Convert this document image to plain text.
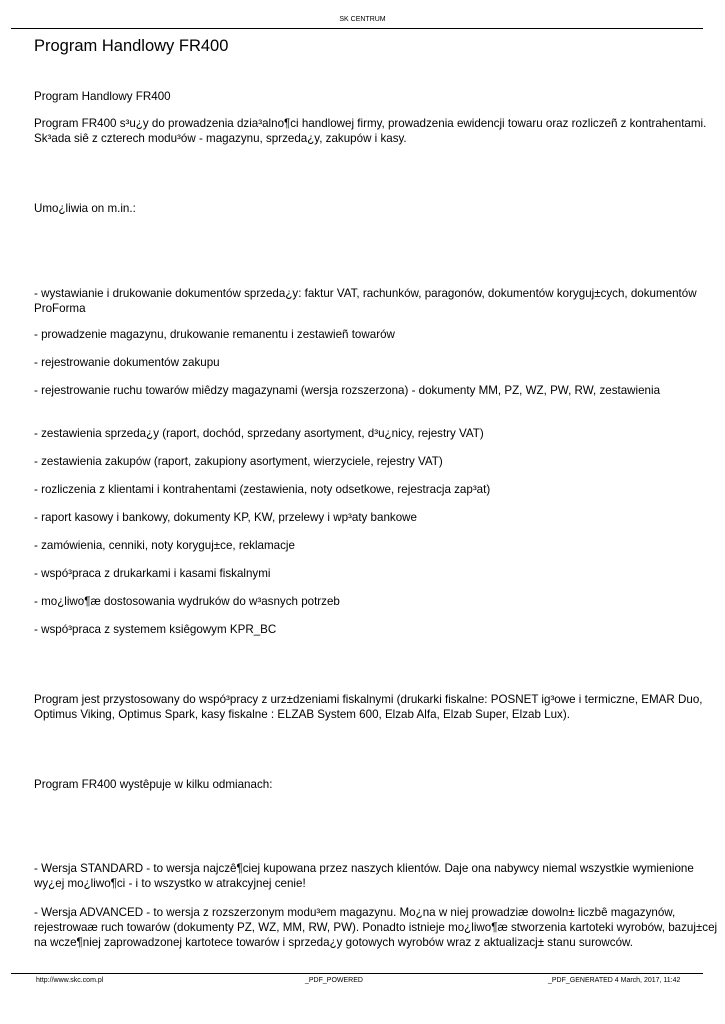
SK CENTRUM
Program Handlowy FR400

Program Handlowy FR400

Program FR400 s³u¿y do prowadzenia dzia³alno¶ci handlowej firmy, prowadzenia ewidencji towaru oraz rozliczeñ z kontrahentami. Sk³ada siê z czterech modu³ów - magazynu, sprzeda¿y, zakupów i kasy.

Umo¿liwia on m.in.:

- wystawianie i drukowanie dokumentów sprzeda¿y: faktur VAT, rachunków, paragonów, dokumentów koryguj±cych, dokumentów ProForma

- prowadzenie magazynu, drukowanie remanentu i zestawieñ towarów

- rejestrowanie dokumentów zakupu

- rejestrowanie ruchu towarów miêdzy magazynami (wersja rozszerzona) - dokumenty MM, PZ, WZ, PW, RW, zestawienia

- zestawienia sprzeda¿y (raport, dochód, sprzedany asortyment, d³u¿nicy, rejestry VAT)

- zestawienia zakupów (raport, zakupiony asortyment, wierzyciele, rejestry VAT)

- rozliczenia z klientami i kontrahentami (zestawienia, noty odsetkowe, rejestracja zap³at)

- raport kasowy i bankowy, dokumenty KP, KW, przelewy i wp³aty bankowe

- zamówienia, cenniki, noty koryguj±ce, reklamacje

- wspó³praca z drukarkami i kasami fiskalnymi

- mo¿liwo¶æ dostosowania wydruków do w³asnych potrzeb

- wspó³praca z systemem ksiêgowym KPR_BC

Program jest przystosowany do wspó³pracy z urz±dzeniami fiskalnymi (drukarki fiskalne: POSNET ig³owe i termiczne, EMAR Duo, Optimus Viking, Optimus Spark, kasy fiskalne : ELZAB System 600, Elzab Alfa, Elzab Super, Elzab Lux).

Program FR400 wystêpuje w kilku odmianach:

- Wersja STANDARD - to wersja najczê¶ciej kupowana przez naszych klientów. Daje ona nabywcy niemal wszystkie wymienione wy¿ej mo¿liwo¶ci - i to wszystko w atrakcyjnej cenie!

- Wersja ADVANCED - to wersja z rozszerzonym modu³em magazynu. Mo¿na w niej prowadziæ dowoln± liczbê magazynów, rejestrowaæ ruch towarów (dokumenty PZ, WZ, MM, RW, PW). Ponadto istnieje mo¿liwo¶æ stworzenia kartoteki wyrobów, bazuj±cej na wcze¶niej zaprowadzonej kartotece towarów i sprzeda¿y gotowych wyrobów wraz z aktualizacj± stanu surowców.

http://www.skc.com.pl	_PDF_POWERED	_PDF_GENERATED 4 March, 2017, 11:42
